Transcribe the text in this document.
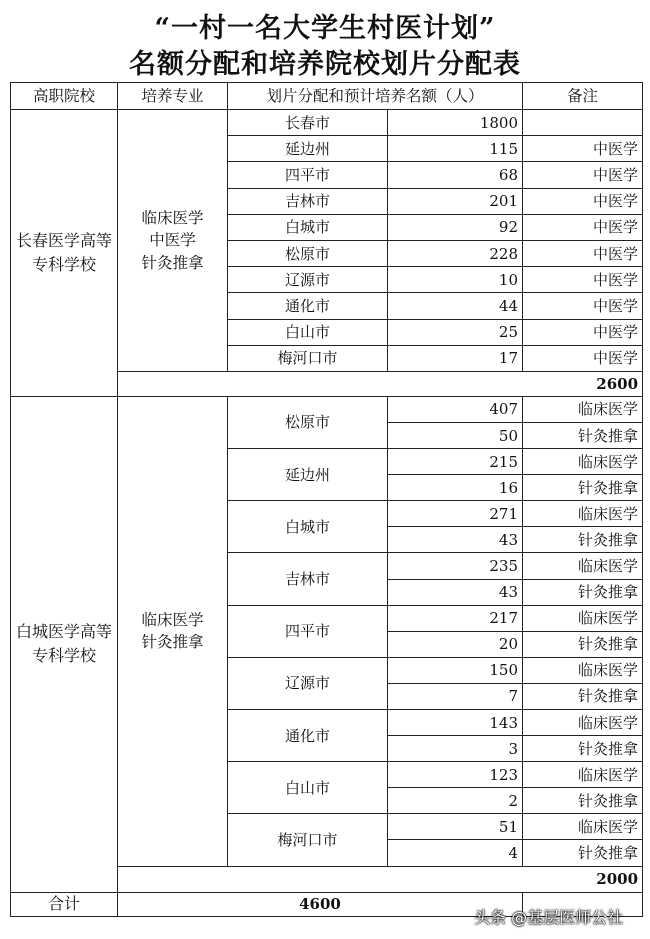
“一村一名大学生村医计划”
名额分配和培养院校划片分配表
高职院校	培养专业	划片分配和预计培养名额（人）		备注
长春医学高等专科学校	临床医学
中医学
针灸推拿	长春市	1800	
		延边州	115	中医学
		四平市	68	中医学
		吉林市	201	中医学
		白城市	92	中医学
		松原市	228	中医学
		辽源市	10	中医学
		通化市	44	中医学
		白山市	25	中医学
		梅河口市	17	中医学
	2600			
白城医学高等专科学校	临床医学
针灸推拿	松原市	407	临床医学
			50	针灸推拿
		延边州	215	临床医学
			16	针灸推拿
		白城市	271	临床医学
			43	针灸推拿
		吉林市	235	临床医学
			43	针灸推拿
		四平市	217	临床医学
			20	针灸推拿
		辽源市	150	临床医学
			7	针灸推拿
		通化市	143	临床医学
			3	针灸推拿
		白山市	123	临床医学
			2	针灸推拿
		梅河口市	51	临床医学
			4	针灸推拿
	2000			
合计	4600			
头条 @基层医师公社
